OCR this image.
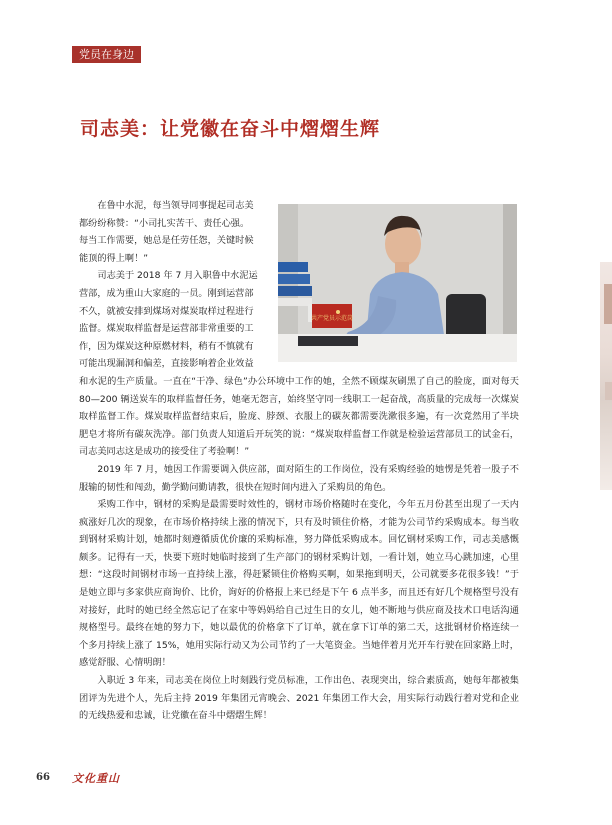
党员在身边
司志美：让党徽在奋斗中熠熠生辉
共产党员示范岗

在鲁中水泥，每当领导同事提起司志美

都纷纷称赞：“小司扎实苦干、责任心强。
每当工作需要，她总是任劳任怨，关键时候
能顶的得上啊！”

司志美于 2018 年 7 月入职鲁中水泥运

营部，成为重山大家庭的一员。刚到运营部
不久，就被安排到煤场对煤炭取样过程进行
监督。煤炭取样监督是运营部非常重要的工
作，因为煤炭这种原燃材料，稍有不慎就有
可能出现漏洞和偏差，直接影响着企业效益
和水泥的生产质量。一直在“干净、绿色”办公环境中工作的她，全然不顾煤灰刷黑了自己的脸庞，面对每天 80—200 辆送炭车的取样监督任务，她毫无怨言，始终坚守同一线职工一起奋战，高质量的完成每一次煤炭取样监督工作。煤炭取样监督结束后，脸庞、脖颈、衣服上的碳灰都需要洗漱很多遍，有一次竟然用了半块肥皂才将所有碳灰洗净。部门负责人知道后开玩笑的说：“煤炭取样监督工作就是检验运营部员工的试金石，司志美同志这是成功的接受住了考验啊！”

2019 年 7 月，她因工作需要调入供应部，面对陌生的工作岗位，没有采购经验的她愣是凭着一股子不服输的韧性和闯劲，勤学勤问勤请教，很快在短时间内进入了采购员的角色。

采购工作中，钢材的采购是最需要时效性的，钢材市场价格随时在变化，今年五月份甚至出现了一天内疯涨好几次的现象，在市场价格持续上涨的情况下，只有及时锁住价格，才能为公司节约采购成本。每当收到钢材采购计划，她都时刻遵循质优价廉的采购标准，努力降低采购成本。回忆钢材采购工作，司志美感慨颇多。记得有一天，快要下班时她临时接到了生产部门的钢材采购计划，一看计划，她立马心跳加速，心里想：“这段时间钢材市场一直持续上涨，得赶紧锁住价格购买啊，如果拖到明天，公司就要多花很多钱！”于是她立即与多家供应商询价、比价，询好的价格报上来已经是下午 6 点半多，而且还有好几个规格型号没有对接好，此时的她已经全然忘记了在家中等妈妈给自己过生日的女儿，她不断地与供应商及技术口电话沟通规格型号。最终在她的努力下，她以最优的价格拿下了订单，就在拿下订单的第二天，这批钢材价格连续一个多月持续上涨了 15%，她用实际行动又为公司节约了一大笔资金。当她伴着月光开车行驶在回家路上时，感觉舒服、心情明朗！

入职近 3 年来，司志美在岗位上时刻践行党员标准，工作出色、表现突出，综合素质高，她每年都被集团评为先进个人，先后主持 2019 年集团元宵晚会、2021 年集团工作大会，用实际行动践行着对党和企业的无线热爱和忠诚，让党徽在奋斗中熠熠生辉！

66 文化重山
